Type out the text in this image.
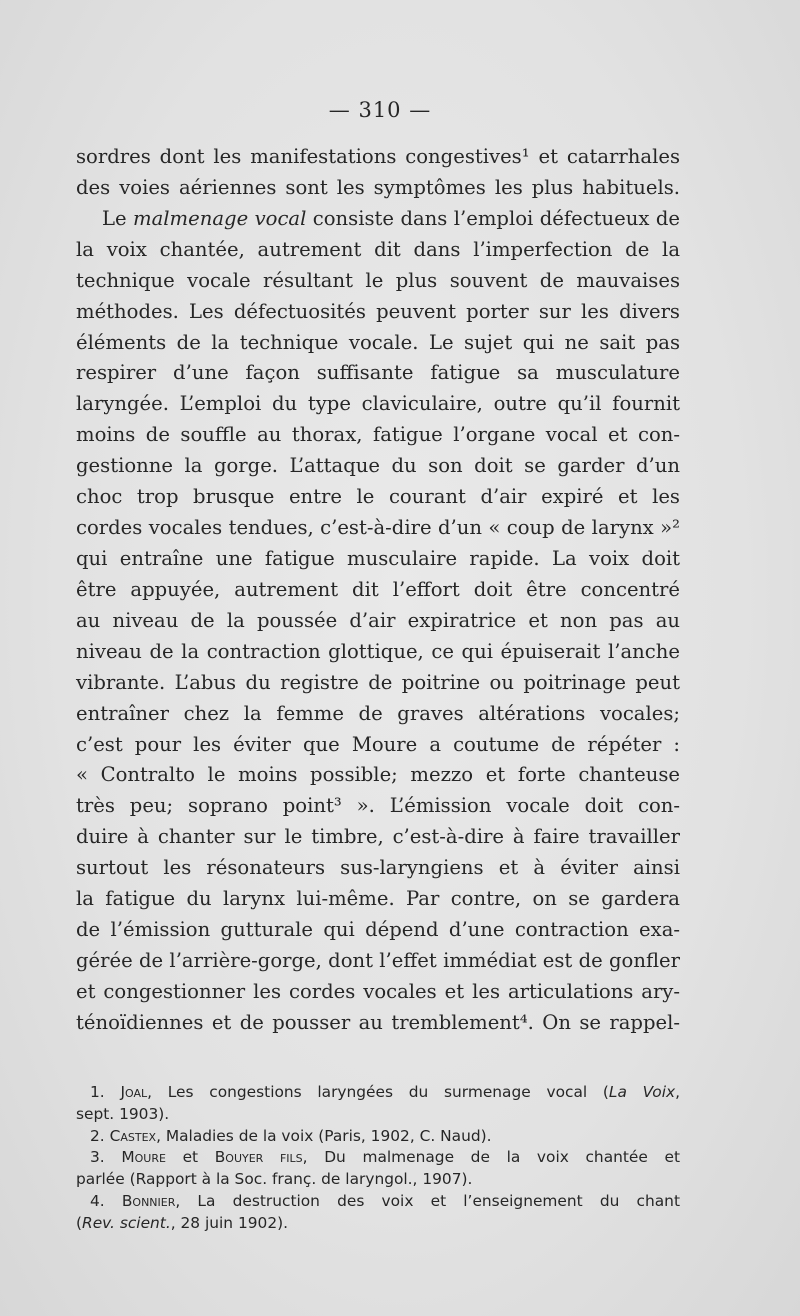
— 310 —
sordres dont les manifestations congestives¹ et catarrhales
des voies aériennes sont les symptômes les plus habituels.
Le malmenage vocal consiste dans l’emploi défectueux de
la voix chantée, autrement dit dans l’imperfection de la
technique vocale résultant le plus souvent de mauvaises
méthodes. Les défectuosités peuvent porter sur les divers
éléments de la technique vocale. Le sujet qui ne sait pas
respirer d’une façon suffisante fatigue sa musculature
laryngée. L’emploi du type claviculaire, outre qu’il fournit
moins de souffle au thorax, fatigue l’organe vocal et con-
gestionne la gorge. L’attaque du son doit se garder d’un
choc trop brusque entre le courant d’air expiré et les
cordes vocales tendues, c’est-à-dire d’un « coup de larynx »²
qui entraîne une fatigue musculaire rapide. La voix doit
être appuyée, autrement dit l’effort doit être concentré
au niveau de la poussée d’air expiratrice et non pas au
niveau de la contraction glottique, ce qui épuiserait l’anche
vibrante. L’abus du registre de poitrine ou poitrinage peut
entraîner chez la femme de graves altérations vocales;
c’est pour les éviter que Moure a coutume de répéter :
« Contralto le moins possible; mezzo et forte chanteuse
très peu; soprano point³ ». L’émission vocale doit con-
duire à chanter sur le timbre, c’est-à-dire à faire travailler
surtout les résonateurs sus-laryngiens et à éviter ainsi
la fatigue du larynx lui-même. Par contre, on se gardera
de l’émission gutturale qui dépend d’une contraction exa-
gérée de l’arrière-gorge, dont l’effet immédiat est de gonfler
et congestionner les cordes vocales et les articulations ary-
ténoïdiennes et de pousser au tremblement⁴. On se rappel-
1. Joal, Les congestions laryngées du surmenage vocal (La Voix,
sept. 1903).
2. Castex, Maladies de la voix (Paris, 1902, C. Naud).
3. Moure et Bouyer fils, Du malmenage de la voix chantée et
parlée (Rapport à la Soc. franç. de laryngol., 1907).
4. Bonnier, La destruction des voix et l’enseignement du chant
(Rev. scient., 28 juin 1902).
